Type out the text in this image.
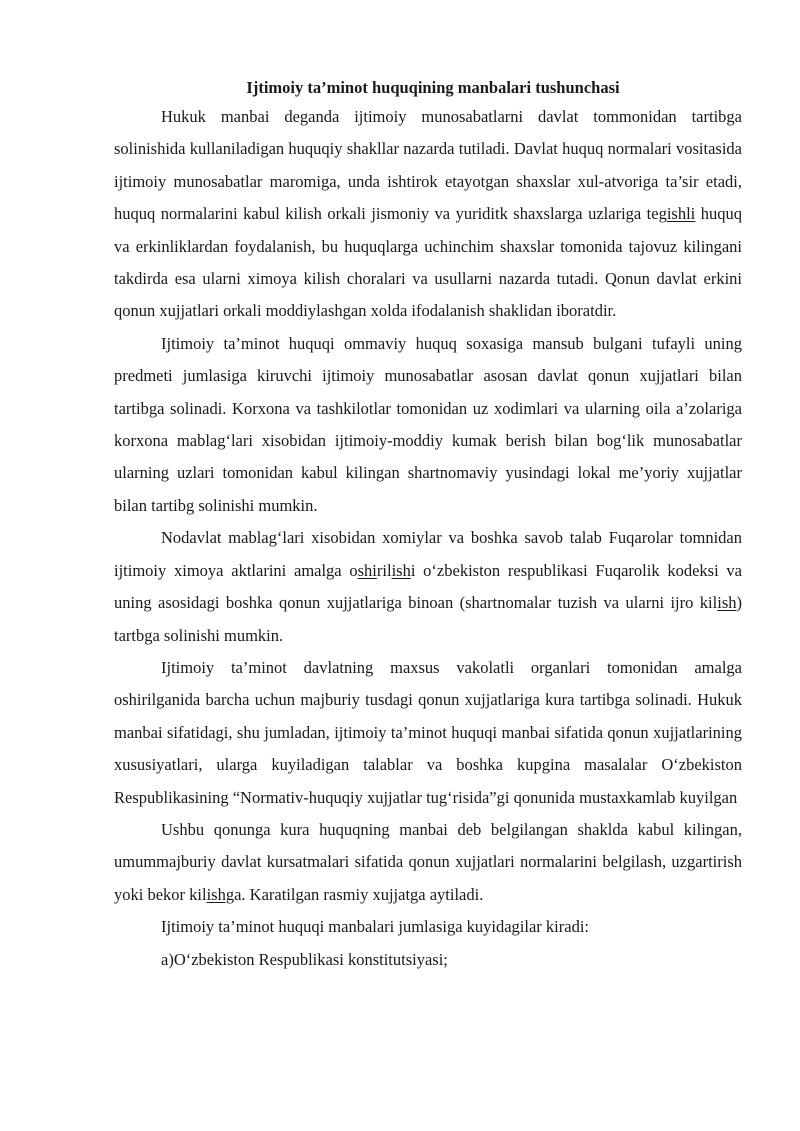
Ijtimoiy ta’minot huquqining manbalari tushunchasi

Hukuk manbai deganda ijtimoiy munosabatlarni davlat tommonidan tartibga solinishida kullaniladigan huquqiy shakllar nazarda tutiladi. Davlat huquq normalari vositasida ijtimoiy munosabatlar maromiga, unda ishtirok etayotgan shaxslar xul-atvoriga ta’sir etadi, huquq normalarini kabul kilish orkali jismoniy va yuriditk shaxslarga uzlariga tegishli huquq va erkinliklardan foydalanish, bu huquqlarga uchinchim shaxslar tomonida tajovuz kilingani takdirda esa ularni ximoya kilish choralari va usullarni nazarda tutadi. Qonun davlat erkini qonun xujjatlari orkali moddiylashgan xolda ifodalanish shaklidan iboratdir.

Ijtimoiy ta’minot huquqi ommaviy huquq soxasiga mansub bulgani tufayli uning predmeti jumlasiga kiruvchi ijtimoiy munosabatlar asosan davlat qonun xujjatlari bilan tartibga solinadi. Korxona va tashkilotlar tomonidan uz xodimlari va ularning oila a’zolariga korxona mablag‘lari xisobidan ijtimoiy-moddiy kumak berish bilan bog‘lik munosabatlar ularning uzlari tomonidan kabul kilingan shartnomaviy yusindagi lokal me’yoriy xujjatlar bilan tartibg solinishi mumkin.

Nodavlat mablag‘lari xisobidan xomiylar va boshka savob talab Fuqarolar tomnidan ijtimoiy ximoya aktlarini amalga oshirilishi o‘zbekiston respublikasi Fuqarolik kodeksi va uning asosidagi boshka qonun xujjatlariga binoan (shartnomalar tuzish va ularni ijro kilish) tartbga solinishi mumkin.

Ijtimoiy ta’minot davlatning maxsus vakolatli organlari tomonidan amalga oshirilganida barcha uchun majburiy tusdagi qonun xujjatlariga kura tartibga solinadi. Hukuk manbai sifatidagi, shu jumladan, ijtimoiy ta’minot huquqi manbai sifatida qonun xujjatlarining xususiyatlari, ularga kuyiladigan talablar va boshka kupgina masalalar O‘zbekiston Respublikasining “Normativ-huquqiy xujjatlar tug‘risida”gi qonunida mustaxkamlab kuyilgan

Ushbu qonunga kura huquqning manbai deb belgilangan shaklda kabul kilingan, umummajburiy davlat kursatmalari sifatida qonun xujjatlari normalarini belgilash, uzgartirish yoki bekor kilishga. Karatilgan rasmiy xujjatga aytiladi.

Ijtimoiy ta’minot huquqi manbalari jumlasiga kuyidagilar kiradi:

a)O‘zbekiston Respublikasi konstitutsiyasi;
